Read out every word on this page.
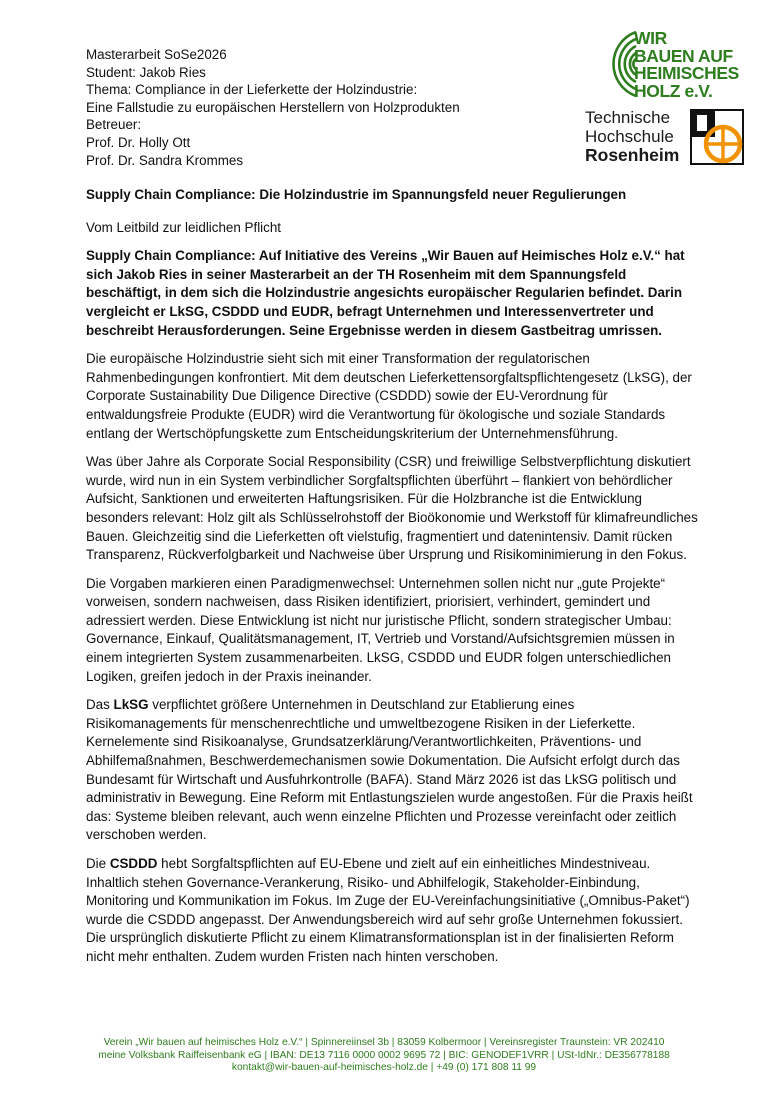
Masterarbeit SoSe2026
Student: Jakob Ries
Thema: Compliance in der Lieferkette der Holzindustrie:
Eine Fallstudie zu europäischen Herstellern von Holzprodukten
Betreuer:
Prof. Dr. Holly Ott
Prof. Dr. Sandra Krommes
WIR
BAUEN AUF
HEIMISCHES
HOLZ e.V.
Technische
Hochschule
Rosenheim

Supply Chain Compliance: Die Holzindustrie im Spannungsfeld neuer Regulierungen

Vom Leitbild zur leidlichen Pflicht

Supply Chain Compliance: Auf Initiative des Vereins „Wir Bauen auf Heimisches Holz e.V.“ hat sich Jakob Ries in seiner Masterarbeit an der TH Rosenheim mit dem Spannungsfeld beschäftigt, in dem sich die Holzindustrie angesichts europäischer Regularien befindet. Darin vergleicht er LkSG, CSDDD und EUDR, befragt Unternehmen und Interessenvertreter und beschreibt Herausforderungen. Seine Ergebnisse werden in diesem Gastbeitrag umrissen.

Die europäische Holzindustrie sieht sich mit einer Transformation der regulatorischen Rahmenbedingungen konfrontiert. Mit dem deutschen Lieferkettensorgfaltspflichtengesetz (LkSG), der Corporate Sustainability Due Diligence Directive (CSDDD) sowie der EU-Verordnung für entwaldungsfreie Produkte (EUDR) wird die Verantwortung für ökologische und soziale Standards entlang der Wertschöpfungskette zum Entscheidungskriterium der Unternehmensführung.

Was über Jahre als Corporate Social Responsibility (CSR) und freiwillige Selbstverpflichtung diskutiert wurde, wird nun in ein System verbindlicher Sorgfaltspflichten überführt – flankiert von behördlicher Aufsicht, Sanktionen und erweiterten Haftungsrisiken. Für die Holzbranche ist die Entwicklung besonders relevant: Holz gilt als Schlüsselrohstoff der Bioökonomie und Werkstoff für klimafreundliches Bauen. Gleichzeitig sind die Lieferketten oft vielstufig, fragmentiert und datenintensiv. Damit rücken Transparenz, Rückverfolgbarkeit und Nachweise über Ursprung und Risikominimierung in den Fokus.

Die Vorgaben markieren einen Paradigmenwechsel: Unternehmen sollen nicht nur „gute Projekte“ vorweisen, sondern nachweisen, dass Risiken identifiziert, priorisiert, verhindert, gemindert und adressiert werden. Diese Entwicklung ist nicht nur juristische Pflicht, sondern strategischer Umbau: Governance, Einkauf, Qualitätsmanagement, IT, Vertrieb und Vorstand/Aufsichtsgremien müssen in einem integrierten System zusammenarbeiten. LkSG, CSDDD und EUDR folgen unterschiedlichen Logiken, greifen jedoch in der Praxis ineinander.

Das LkSG verpflichtet größere Unternehmen in Deutschland zur Etablierung eines Risikomanagements für menschenrechtliche und umweltbezogene Risiken in der Lieferkette. Kernelemente sind Risikoanalyse, Grundsatzerklärung/Verantwortlichkeiten, Präventions- und Abhilfemaßnahmen, Beschwerdemechanismen sowie Dokumentation. Die Aufsicht erfolgt durch das Bundesamt für Wirtschaft und Ausfuhrkontrolle (BAFA). Stand März 2026 ist das LkSG politisch und administrativ in Bewegung. Eine Reform mit Entlastungszielen wurde angestoßen. Für die Praxis heißt das: Systeme bleiben relevant, auch wenn einzelne Pflichten und Prozesse vereinfacht oder zeitlich verschoben werden.

Die CSDDD hebt Sorgfaltspflichten auf EU-Ebene und zielt auf ein einheitliches Mindestniveau. Inhaltlich stehen Governance-Verankerung, Risiko- und Abhilfelogik, Stakeholder-Einbindung, Monitoring und Kommunikation im Fokus. Im Zuge der EU-Vereinfachungsinitiative („Omnibus-Paket“) wurde die CSDDD angepasst. Der Anwendungsbereich wird auf sehr große Unternehmen fokussiert. Die ursprünglich diskutierte Pflicht zu einem Klimatransformationsplan ist in der finalisierten Reform nicht mehr enthalten. Zudem wurden Fristen nach hinten verschoben.

Verein „Wir bauen auf heimisches Holz e.V.“ | Spinnereiinsel 3b | 83059 Kolbermoor | Vereinsregister Traunstein: VR 202410
meine Volksbank Raiffeisenbank eG | IBAN: DE13 7116 0000 0002 9695 72 | BIC: GENODEF1VRR | USt-IdNr.: DE356778188
kontakt@wir-bauen-auf-heimisches-holz.de | +49 (0) 171 808 11 99
